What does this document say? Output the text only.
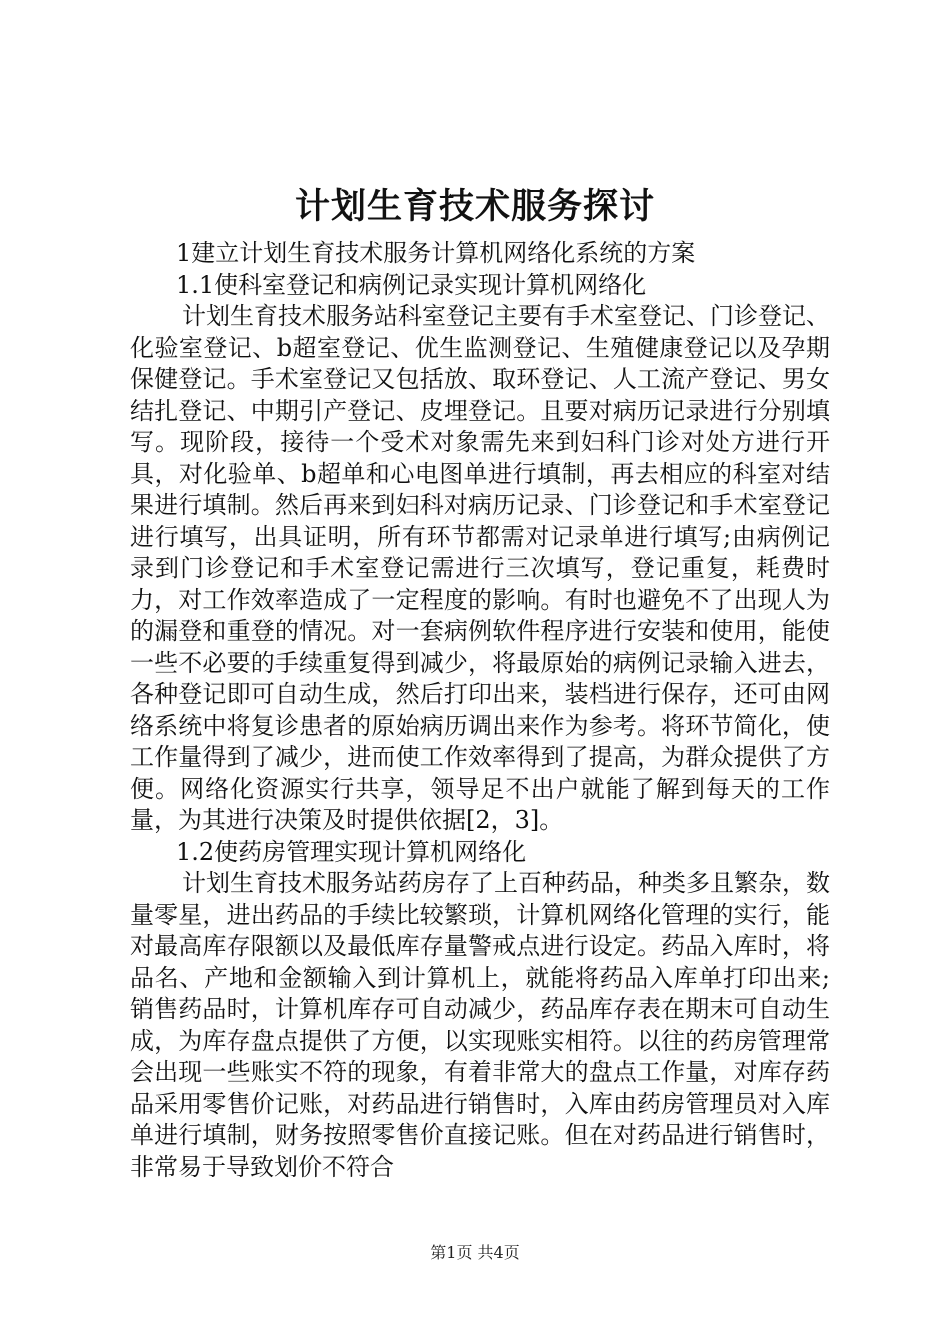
计划生育技术服务探讨
1建立计划生育技术服务计算机网络化系统的方案
1.1使科室登记和病例记录实现计算机网络化
计划生育技术服务站科室登记主要有手术室登记、门诊登记、化验室登记、b超室登记、优生监测登记、生殖健康登记以及孕期保健登记。手术室登记又包括放、取环登记、人工流产登记、男女结扎登记、中期引产登记、皮埋登记。且要对病历记录进行分别填写。现阶段，接待一个受术对象需先来到妇科门诊对处方进行开具，对化验单、b超单和心电图单进行填制，再去相应的科室对结果进行填制。然后再来到妇科对病历记录、门诊登记和手术室登记进行填写，出具证明，所有环节都需对记录单进行填写;由病例记录到门诊登记和手术室登记需进行三次填写，登记重复，耗费时力，对工作效率造成了一定程度的影响。有时也避免不了出现人为的漏登和重登的情况。对一套病例软件程序进行安装和使用，能使一些不必要的手续重复得到减少，将最原始的病例记录输入进去，各种登记即可自动生成，然后打印出来，装档进行保存，还可由网络系统中将复诊患者的原始病历调出来作为参考。将环节简化，使工作量得到了减少，进而使工作效率得到了提高，为群众提供了方便。网络化资源实行共享，领导足不出户就能了解到每天的工作量，为其进行决策及时提供依据[2，3]。
1.2使药房管理实现计算机网络化
计划生育技术服务站药房存了上百种药品，种类多且繁杂，数量零星，进出药品的手续比较繁琐，计算机网络化管理的实行，能对最高库存限额以及最低库存量警戒点进行设定。药品入库时，将品名、产地和金额输入到计算机上，就能将药品入库单打印出来;销售药品时，计算机库存可自动减少，药品库存表在期末可自动生成，为库存盘点提供了方便，以实现账实相符。以往的药房管理常会出现一些账实不符的现象，有着非常大的盘点工作量，对库存药品采用零售价记账，对药品进行销售时，入库由药房管理员对入库单进行填制，财务按照零售价直接记账。但在对药品进行销售时，非常易于导致划价不符合
第1页 共4页
